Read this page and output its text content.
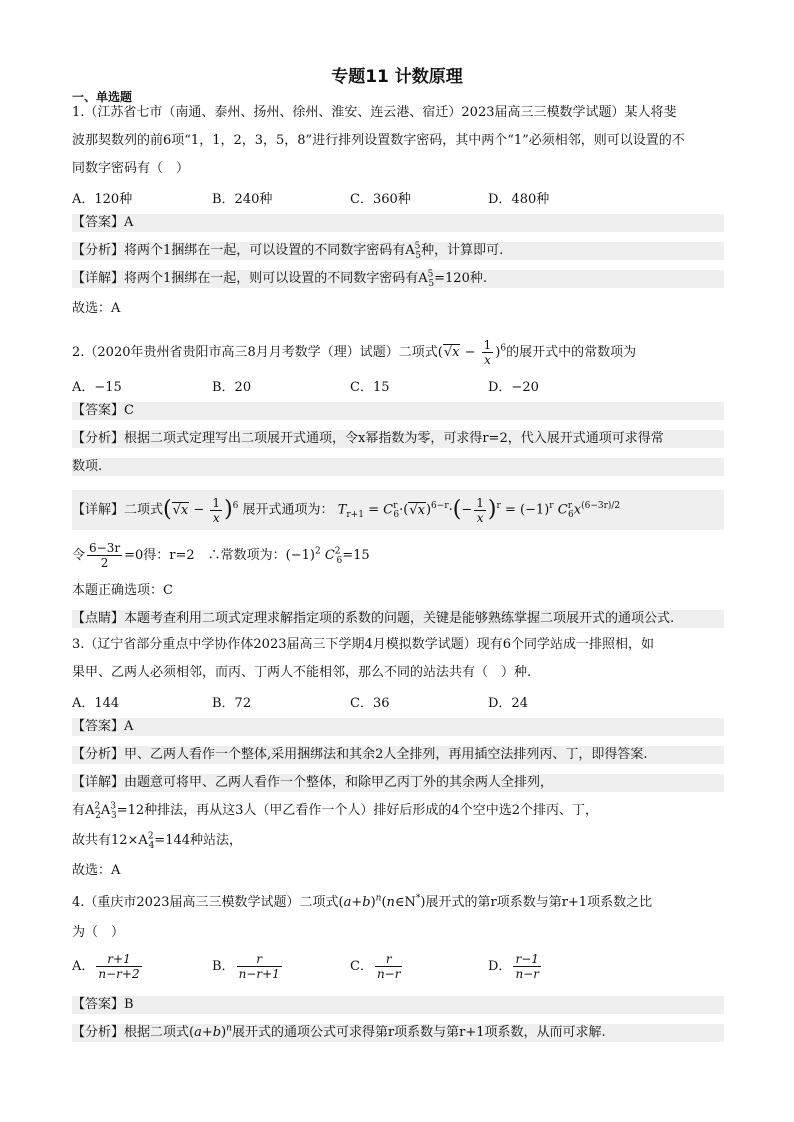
专题11 计数原理
一、单选题
1.（江苏省七市（南通、泰州、扬州、徐州、淮安、连云港、宿迁）2023届高三三模数学试题）某人将斐
波那契数列的前6项“1，1，2，3，5，8”进行排列设置数字密码，其中两个“1”必须相邻，则可以设置的不
同数字密码有（　）
A．120种	B．240种	C．360种	D．480种
【答案】A
【分析】将两个1捆绑在一起，可以设置的不同数字密码有$A^5_5$种，计算即可.
【详解】将两个1捆绑在一起，则可以设置的不同数字密码有$A^5_5=120$种.
故选：A
2.（2020年贵州省贵阳市高三8月月考数学（理）试题）二项式$(√x - \frac{1}{x} )^6$的展开式中的常数项为
A．−15	B．20	C．15	D．−20
【答案】C
【分析】根据二项式定理写出二项展开式通项，令x幂指数为零，可求得r=2，代入展开式通项可求得常
数项.
【详解】二项式$(√x - \frac{1}{x} )^6$ 展开式通项为： $T_{r+1} = C^r_6\cdot(√x)^{6-r}\cdot(- \frac{1}{x} )^r = (-1)^r$ $C^r_6x^{(6-3r)/2}$
令 $\frac{6-3r}{2} =0$得：r=2　∴常数项为：$(-1)^2$ $C^2_6=15$
本题正确选项：C
【点睛】本题考查利用二项式定理求解指定项的系数的问题，关键是能够熟练掌握二项展开式的通项公式.
3.（辽宁省部分重点中学协作体2023届高三下学期4月模拟数学试题）现有6个同学站成一排照相，如
果甲、乙两人必须相邻，而丙、丁两人不能相邻，那么不同的站法共有（　）种.
A．144	B．72	C．36	D．24
【答案】A
【分析】甲、乙两人看作一个整体,采用捆绑法和其余2人全排列，再用插空法排列丙、丁，即得答案.
【详解】由题意可将甲、乙两人看作一个整体，和除甲乙丙丁外的其余两人全排列，
有$A^2_2A^3_3=12$种排法，再从这3人（甲乙看作一个人）排好后形成的4个空中选2个排丙、丁，
故共有$12\times A^2_4=144$种站法，
故选：A
4.（重庆市2023届高三三模数学试题）二项式$(a+b)^n(n\in N^*)$展开式的第r项系数与第r+1项系数之比
为（　）
A． $\frac{r+1}{n-r+2}$	B． $\frac{r}{n-r+1}$	C． $\frac{r}{n-r}$	D． $\frac{r-1}{n-r}$
【答案】B
【分析】根据二项式$(a+b)^n$展开式的通项公式可求得第r项系数与第r+1项系数，从而可求解.
